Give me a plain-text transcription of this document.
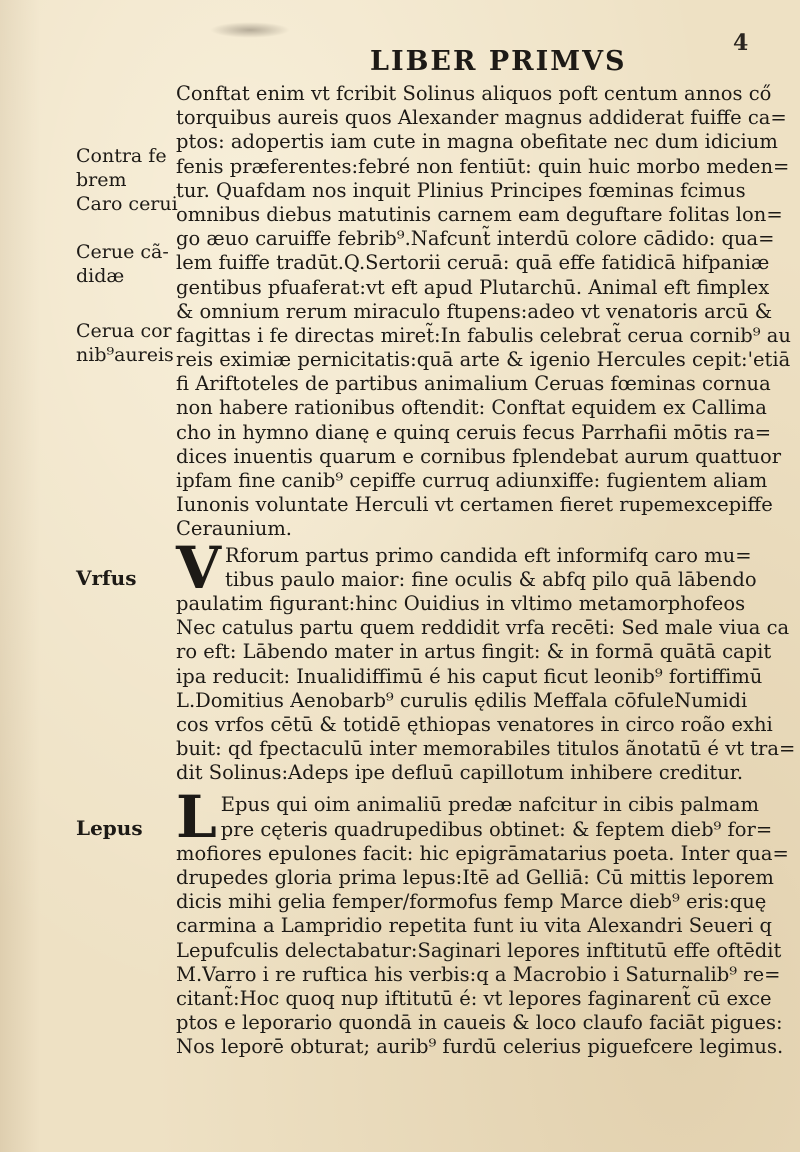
LIBER PRIMVS
4
Contra fe
brem
Caro cerui
Cerue cã-
didæ
Cerua cor
nib⁹aureis
Vrfus
Lepus
Conftat enim vt fcribit Solinus aliquos poft centum annos cő
torquibus aureis quos Alexander magnus addiderat fuiffe ca=
ptos: adopertis iam cute in magna obefitate nec dum idicium
fenis præferentes:febré non fentiūt: quin huic morbo meden=
tur. Quafdam nos inquit Plinius Principes fœminas fcimus
omnibus diebus matutinis carnem eam deguftare folitas lon=
go æuo caruiffe febrib⁹.Nafcunt̃ interdū colore cādido: qua=
lem fuiffe tradūt.Q.Sertorii ceruā: quā effe fatidicā hifpaniæ
gentibus pfuaferat:vt eft apud Plutarchū. Animal eft fimplex
& omnium rerum miraculo ftupens:adeo vt venatoris arcū &
fagittas i fe directas miret̃:In fabulis celebrat̃ cerua cornib⁹ au
reis eximiæ pernicitatis:quā arte & igenio Hercules cepit:'etiā
fi Ariftoteles de partibus animalium Ceruas fœminas cornua
non habere rationibus oftendit: Conftat equidem ex Callima
cho in hymno dianę e quinq ceruis fecus Parrhafii mōtis ra=
dices inuentis quarum e cornibus fplendebat aurum quattuor
ipfam fine canib⁹ cepiffe curruq adiunxiffe: fugientem aliam
Iunonis voluntate Herculi vt certamen fieret rupemexcepiffe
Ceraunium.
V Rforum partus primo candida eft informifq caro mu=
tibus paulo maior: fine oculis & abfq pilo quā lābendo
paulatim figurant:hinc Ouidius in vltimo metamorphofeos
Nec catulus partu quem reddidit vrfa recēti: Sed male viua ca
ro eft: Lābendo mater in artus fingit: & in formā quātā capit
ipa reducit: Inualidiffimū é his caput ficut leonib⁹ fortiffimū
L.Domitius Aenobarb⁹ curulis ędilis Meffala cōfuleNumidi
cos vrfos cētū & totidē ęthiopas venatores in circo roão exhi
buit: qd fpectaculū inter memorabiles titulos ãnotatū é vt tra=
dit Solinus:Adeps ipe defluū capillotum inhibere creditur.
L Epus qui oim animaliū predæ nafcitur in cibis palmam
pre cęteris quadrupedibus obtinet: & feptem dieb⁹ for=
mofiores epulones facit: hic epigrāmatarius poeta. Inter qua=
drupedes gloria prima lepus:Itē ad Gelliā: Cū mittis leporem
dicis mihi gelia femper/formofus femp Marce dieb⁹ eris:quę
carmina a Lampridio repetita funt iu vita Alexandri Seueri q
Lepufculis delectabatur:Saginari lepores inftitutū effe oftēdit
M.Varro i re ruftica his verbis:q a Macrobio i Saturnalib⁹ re=
citant̃:Hoc quoq nup iftitutū é: vt lepores faginarent̃ cū exce
ptos e leporario quondā in caueis & loco claufo faciāt pigues:
Nos leporē obturat; aurib⁹ furdū celerius piguefcere legimus.
